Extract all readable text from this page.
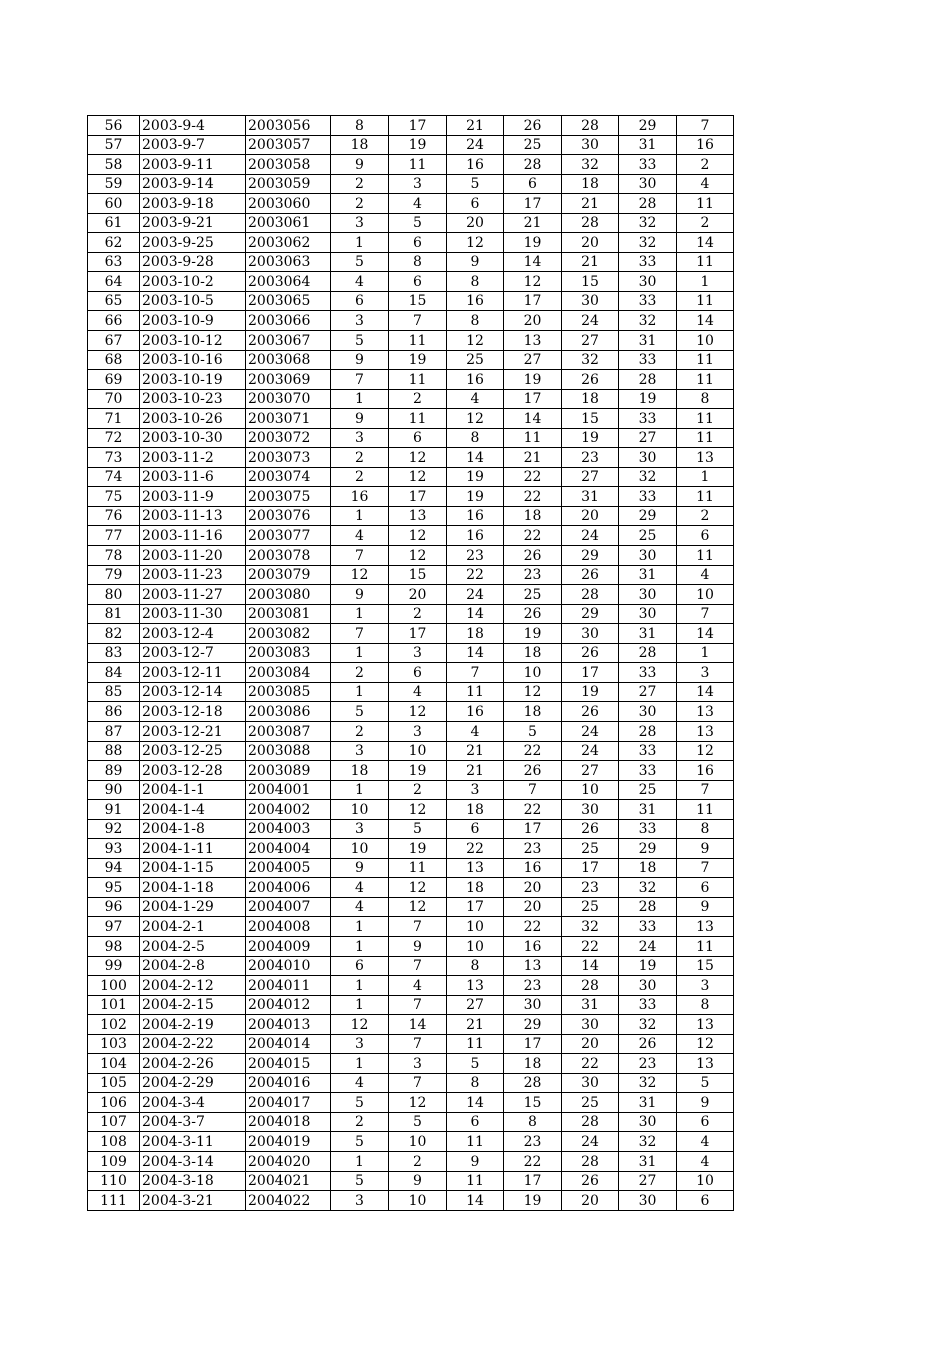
56	2003-9-4	2003056	8	17	21	26	28	29	7
57	2003-9-7	2003057	18	19	24	25	30	31	16
58	2003-9-11	2003058	9	11	16	28	32	33	2
59	2003-9-14	2003059	2	3	5	6	18	30	4
60	2003-9-18	2003060	2	4	6	17	21	28	11
61	2003-9-21	2003061	3	5	20	21	28	32	2
62	2003-9-25	2003062	1	6	12	19	20	32	14
63	2003-9-28	2003063	5	8	9	14	21	33	11
64	2003-10-2	2003064	4	6	8	12	15	30	1
65	2003-10-5	2003065	6	15	16	17	30	33	11
66	2003-10-9	2003066	3	7	8	20	24	32	14
67	2003-10-12	2003067	5	11	12	13	27	31	10
68	2003-10-16	2003068	9	19	25	27	32	33	11
69	2003-10-19	2003069	7	11	16	19	26	28	11
70	2003-10-23	2003070	1	2	4	17	18	19	8
71	2003-10-26	2003071	9	11	12	14	15	33	11
72	2003-10-30	2003072	3	6	8	11	19	27	11
73	2003-11-2	2003073	2	12	14	21	23	30	13
74	2003-11-6	2003074	2	12	19	22	27	32	1
75	2003-11-9	2003075	16	17	19	22	31	33	11
76	2003-11-13	2003076	1	13	16	18	20	29	2
77	2003-11-16	2003077	4	12	16	22	24	25	6
78	2003-11-20	2003078	7	12	23	26	29	30	11
79	2003-11-23	2003079	12	15	22	23	26	31	4
80	2003-11-27	2003080	9	20	24	25	28	30	10
81	2003-11-30	2003081	1	2	14	26	29	30	7
82	2003-12-4	2003082	7	17	18	19	30	31	14
83	2003-12-7	2003083	1	3	14	18	26	28	1
84	2003-12-11	2003084	2	6	7	10	17	33	3
85	2003-12-14	2003085	1	4	11	12	19	27	14
86	2003-12-18	2003086	5	12	16	18	26	30	13
87	2003-12-21	2003087	2	3	4	5	24	28	13
88	2003-12-25	2003088	3	10	21	22	24	33	12
89	2003-12-28	2003089	18	19	21	26	27	33	16
90	2004-1-1	2004001	1	2	3	7	10	25	7
91	2004-1-4	2004002	10	12	18	22	30	31	11
92	2004-1-8	2004003	3	5	6	17	26	33	8
93	2004-1-11	2004004	10	19	22	23	25	29	9
94	2004-1-15	2004005	9	11	13	16	17	18	7
95	2004-1-18	2004006	4	12	18	20	23	32	6
96	2004-1-29	2004007	4	12	17	20	25	28	9
97	2004-2-1	2004008	1	7	10	22	32	33	13
98	2004-2-5	2004009	1	9	10	16	22	24	11
99	2004-2-8	2004010	6	7	8	13	14	19	15
100	2004-2-12	2004011	1	4	13	23	28	30	3
101	2004-2-15	2004012	1	7	27	30	31	33	8
102	2004-2-19	2004013	12	14	21	29	30	32	13
103	2004-2-22	2004014	3	7	11	17	20	26	12
104	2004-2-26	2004015	1	3	5	18	22	23	13
105	2004-2-29	2004016	4	7	8	28	30	32	5
106	2004-3-4	2004017	5	12	14	15	25	31	9
107	2004-3-7	2004018	2	5	6	8	28	30	6
108	2004-3-11	2004019	5	10	11	23	24	32	4
109	2004-3-14	2004020	1	2	9	22	28	31	4
110	2004-3-18	2004021	5	9	11	17	26	27	10
111	2004-3-21	2004022	3	10	14	19	20	30	6
